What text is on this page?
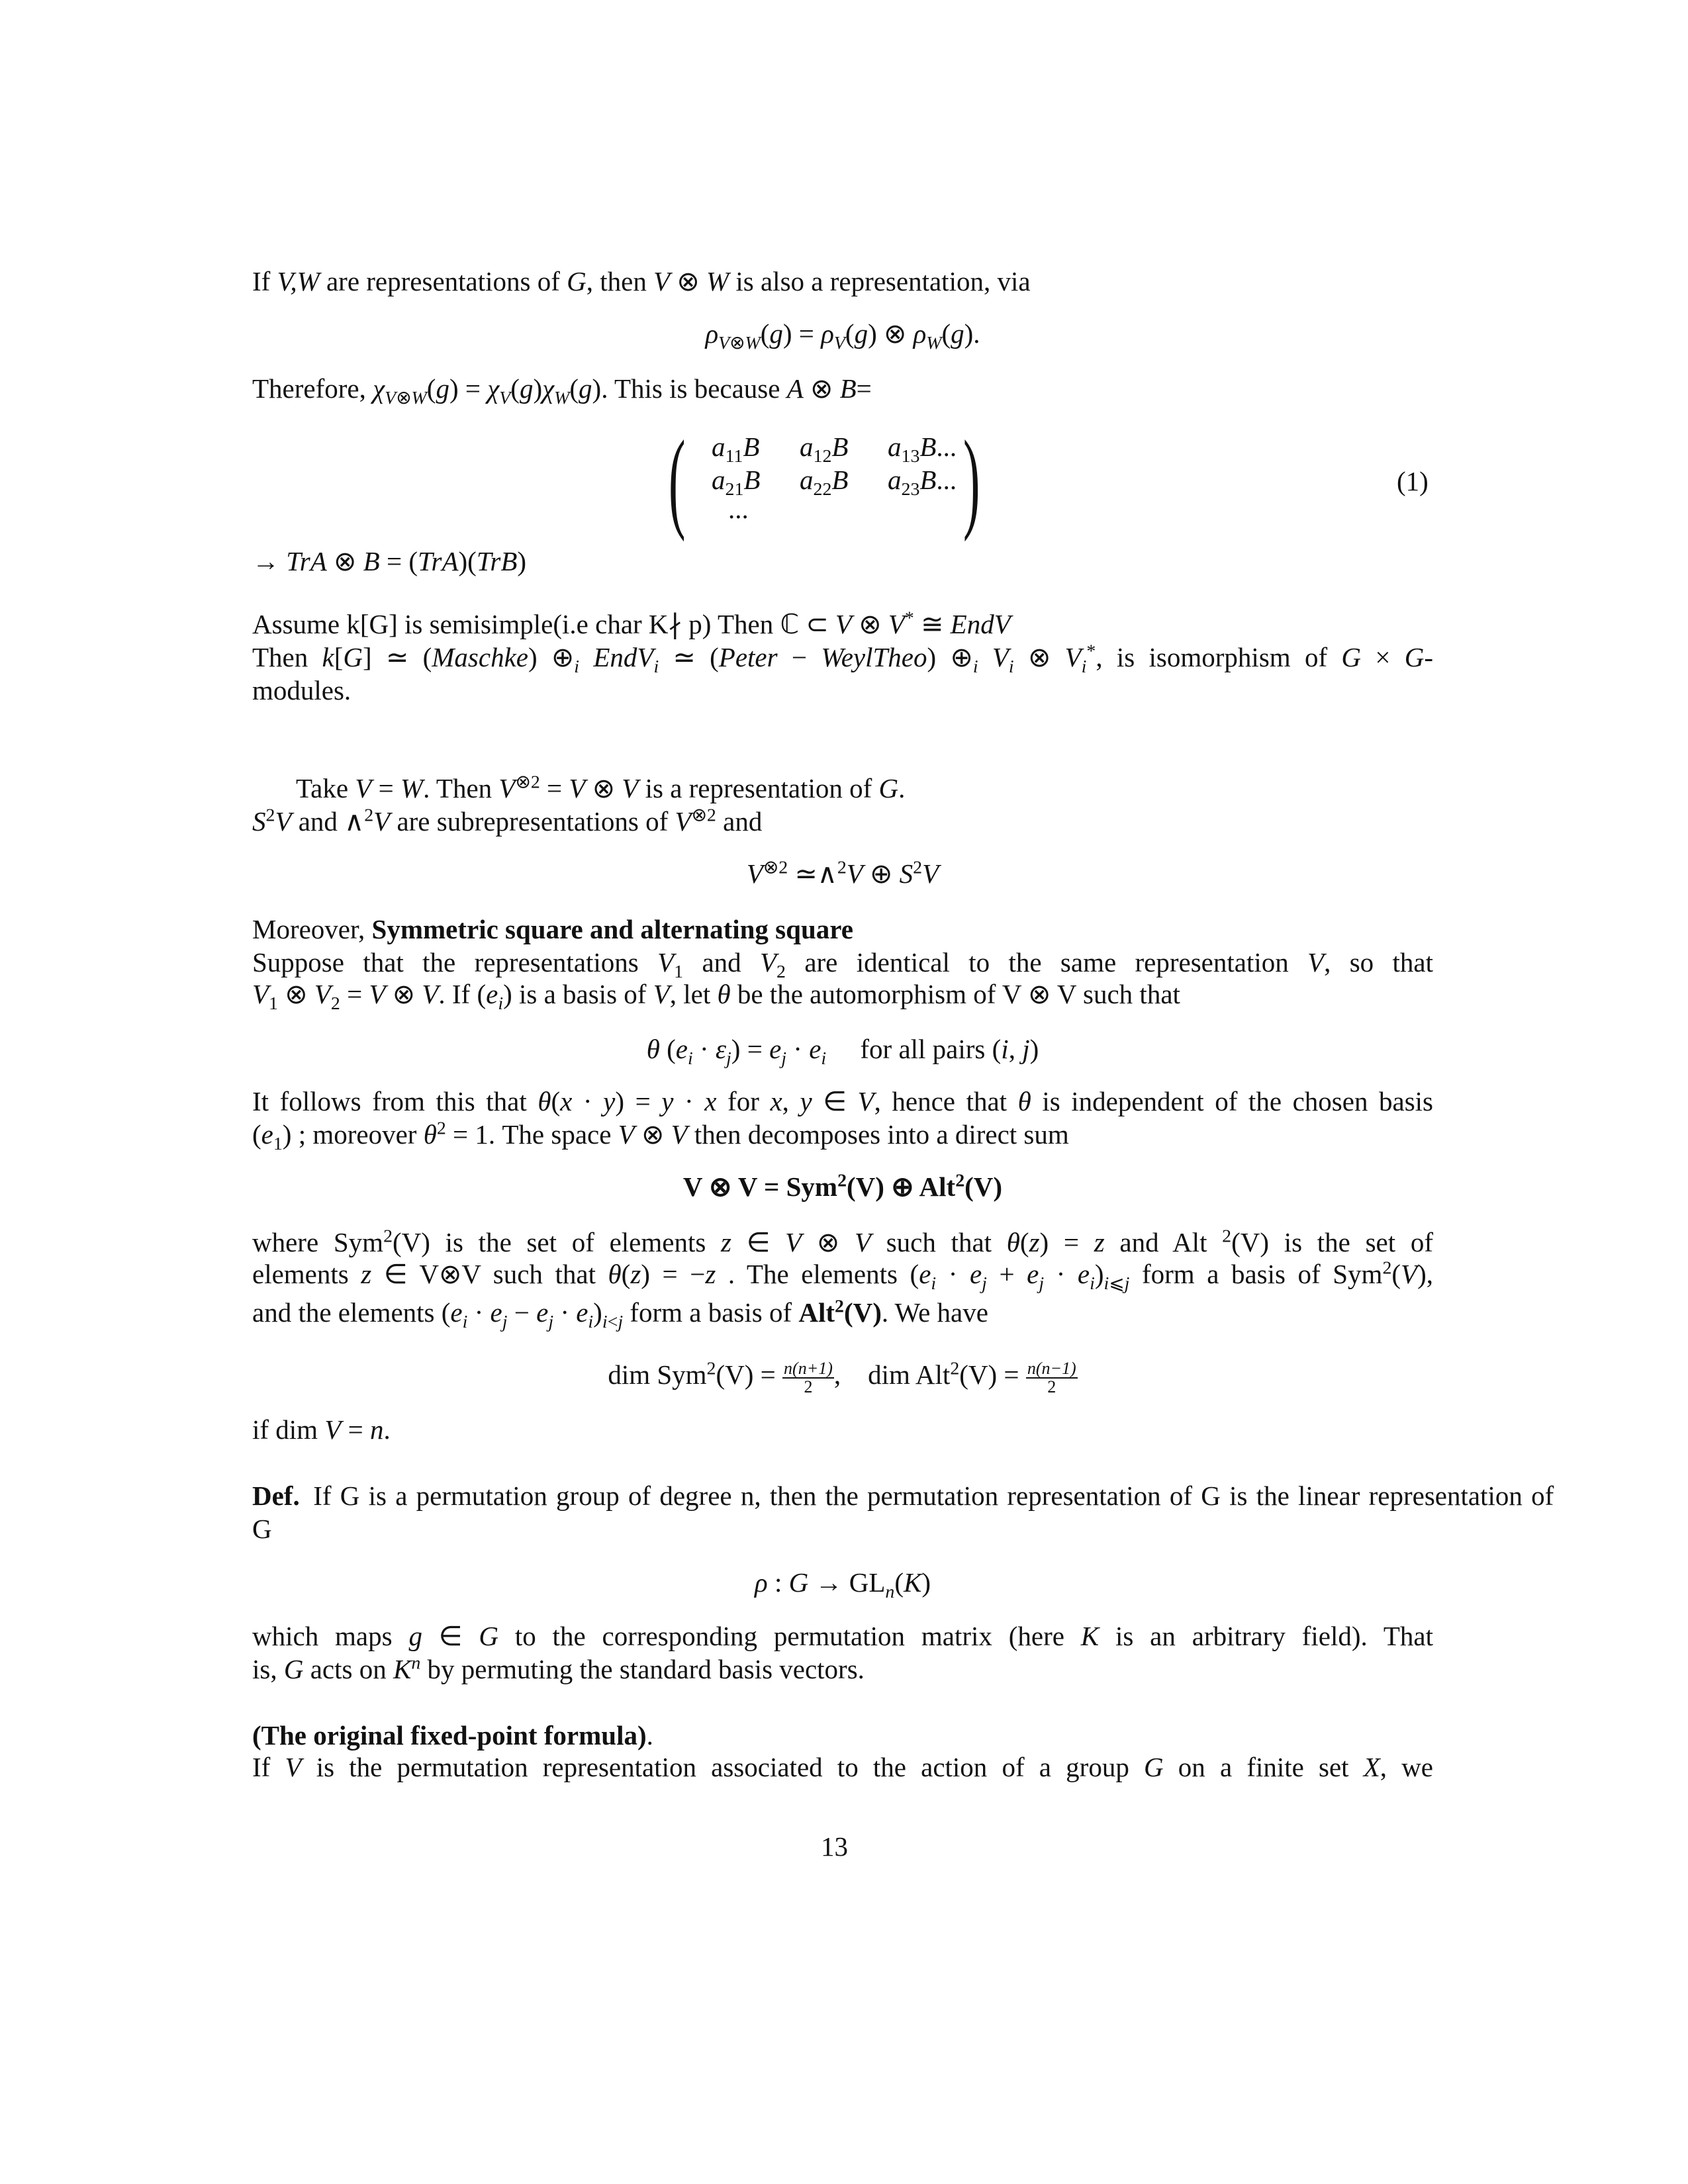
If V,W are representations of G, then V ⊗ W is also a representation, via
$\rho_{V\otimes W}(g) = \rho_V(g)$ ⊗ $\rho_W(g)$.
Therefore, $\chi_{V\otimes W}(g) = \chi_V(g)\chi_W(g)$. This is because A ⊗ B=
( )
$a_{11}B$ $a_{12}B$ $a_{13}B$...
$a_{21}B$ $a_{22}B$ $a_{23}B$...
...
(1)
→ TrA ⊗ B = (TrA)(TrB)
Assume k[G] is semisimple(i.e char K∤ p) Then ℂ ⊂ V ⊗ V* ≅ EndV
Then k[G] ≃ (Maschke) $\oplus_i$ EndV$_i$ ≃ (Peter − WeylTheo) $\oplus_i$ $V_i$ ⊗ $V_i^*$, is isomorphism of G × G-
modules.
Take V = W. Then $V^{\otimes 2} = V$ ⊗ V is a representation of G.
$S^2V$ and ∧$^2$V are subrepresentations of $V^{\otimes 2}$ and
$V^{\otimes 2}$ ≃∧$^2$V ⊕ $S^2V$
Moreover, Symmetric square and alternating square
Suppose that the representations $V_1$ and $V_2$ are identical to the same representation V, so that
$V_1$ ⊗ $V_2 = V$ ⊗ V. If $(e_i)$ is a basis of V, let θ be the automorphism of V ⊗ V such that
θ $(e_i \cdot \varepsilon_j) = e_j \cdot e_i$     for all pairs (i, j)
It follows from this that θ(x · y) = y · x for x, y ∈ V, hence that θ is independent of the chosen basis
$(e_1)$ ; moreover $\theta^2 = 1$. The space V ⊗ V then decomposes into a direct sum
V ⊗ V = Sym$^2$(V) ⊕ Alt$^2$(V)
where Sym$^2$(V) is the set of elements z ∈ V ⊗ V such that θ(z) = z and Alt $^2$(V) is the set of
elements z ∈ V⊗V such that θ(z) = −z . The elements $(e_i \cdot e_j + e_j \cdot e_i)_{i⩽j}$ form a basis of Sym$^2$(V),
and the elements $(e_i \cdot e_j - e_j \cdot e_i)_{i<j}$ form a basis of Alt$^2$(V). We have
dim $Sym^2(V) = \frac{n(n+1)}{2}$ ,    dim $Alt^2(V) = \frac{n(n-1)}{2}$
if dim V = n.
Def. If G is a permutation group of degree n, then the permutation representation of G is the linear representation of
G
ρ : $G \to GL_n(K)$
which maps g ∈ G to the corresponding permutation matrix (here K is an arbitrary field). That
is, G acts on $K^n$ by permuting the standard basis vectors.
(The original fixed-point formula).
If V is the permutation representation associated to the action of a group G on a finite set X, we
13
